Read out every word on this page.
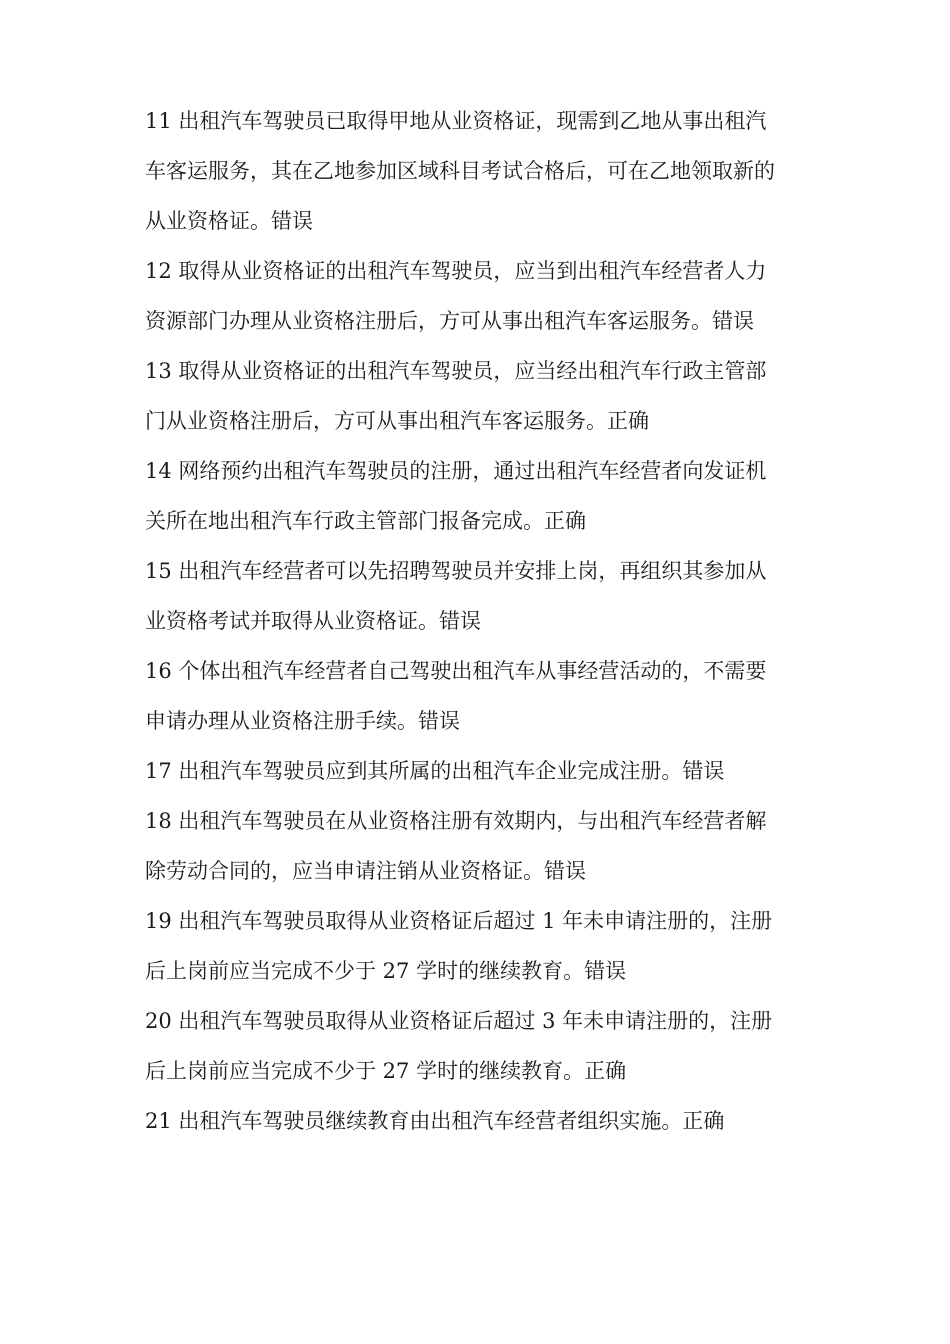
11 出租汽车驾驶员已取得甲地从业资格证，现需到乙地从事出租汽
车客运服务，其在乙地参加区域科目考试合格后，可在乙地领取新的
从业资格证。错误
12 取得从业资格证的出租汽车驾驶员，应当到出租汽车经营者人力
资源部门办理从业资格注册后，方可从事出租汽车客运服务。错误
13 取得从业资格证的出租汽车驾驶员，应当经出租汽车行政主管部
门从业资格注册后，方可从事出租汽车客运服务。正确
14 网络预约出租汽车驾驶员的注册，通过出租汽车经营者向发证机
关所在地出租汽车行政主管部门报备完成。正确
15 出租汽车经营者可以先招聘驾驶员并安排上岗，再组织其参加从
业资格考试并取得从业资格证。错误
16 个体出租汽车经营者自己驾驶出租汽车从事经营活动的，不需要
申请办理从业资格注册手续。错误
17 出租汽车驾驶员应到其所属的出租汽车企业完成注册。错误
18 出租汽车驾驶员在从业资格注册有效期内，与出租汽车经营者解
除劳动合同的，应当申请注销从业资格证。错误
19 出租汽车驾驶员取得从业资格证后超过 1 年未申请注册的，注册
后上岗前应当完成不少于 27 学时的继续教育。错误
20 出租汽车驾驶员取得从业资格证后超过 3 年未申请注册的，注册
后上岗前应当完成不少于 27 学时的继续教育。正确
21 出租汽车驾驶员继续教育由出租汽车经营者组织实施。正确
